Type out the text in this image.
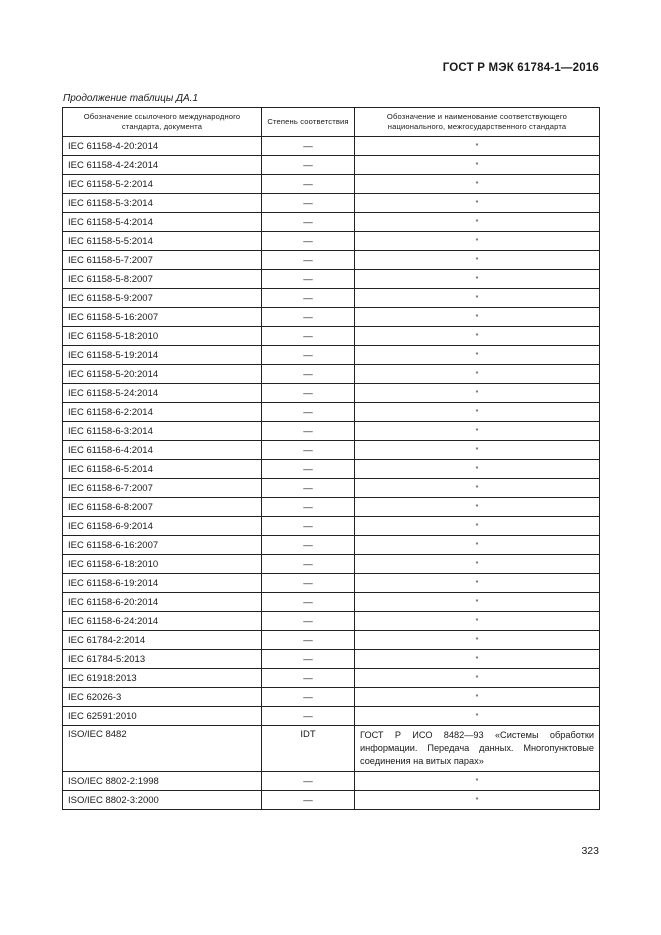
ГОСТ Р МЭК 61784-1—2016
Продолжение таблицы ДА.1
Обозначение ссылочного международного стандарта, документа	Степень соответствия	Обозначение и наименование соответствующего национального, межгосударственного стандарта
IEC 61158-4-20:2014	—	*
IEC 61158-4-24:2014	—	*
IEC 61158-5-2:2014	—	*
IEC 61158-5-3:2014	—	*
IEC 61158-5-4:2014	—	*
IEC 61158-5-5:2014	—	*
IEC 61158-5-7:2007	—	*
IEC 61158-5-8:2007	—	*
IEC 61158-5-9:2007	—	*
IEC 61158-5-16:2007	—	*
IEC 61158-5-18:2010	—	*
IEC 61158-5-19:2014	—	*
IEC 61158-5-20:2014	—	*
IEC 61158-5-24:2014	—	*
IEC 61158-6-2:2014	—	*
IEC 61158-6-3:2014	—	*
IEC 61158-6-4:2014	—	*
IEC 61158-6-5:2014	—	*
IEC 61158-6-7:2007	—	*
IEC 61158-6-8:2007	—	*
IEC 61158-6-9:2014	—	*
IEC 61158-6-16:2007	—	*
IEC 61158-6-18:2010	—	*
IEC 61158-6-19:2014	—	*
IEC 61158-6-20:2014	—	*
IEC 61158-6-24:2014	—	*
IEC 61784-2:2014	—	*
IEC 61784-5:2013	—	*
IEC 61918:2013	—	*
IEC 62026-3	—	*
IEC 62591:2010	—	*
ISO/IEC 8482	IDT	ГОСТ Р ИСО 8482—93 «Системы обработки информации. Передача данных. Многопунктовые соединения на витых парах»
ISO/IEC 8802-2:1998	—	*
ISO/IEC 8802-3:2000	—	*
323
